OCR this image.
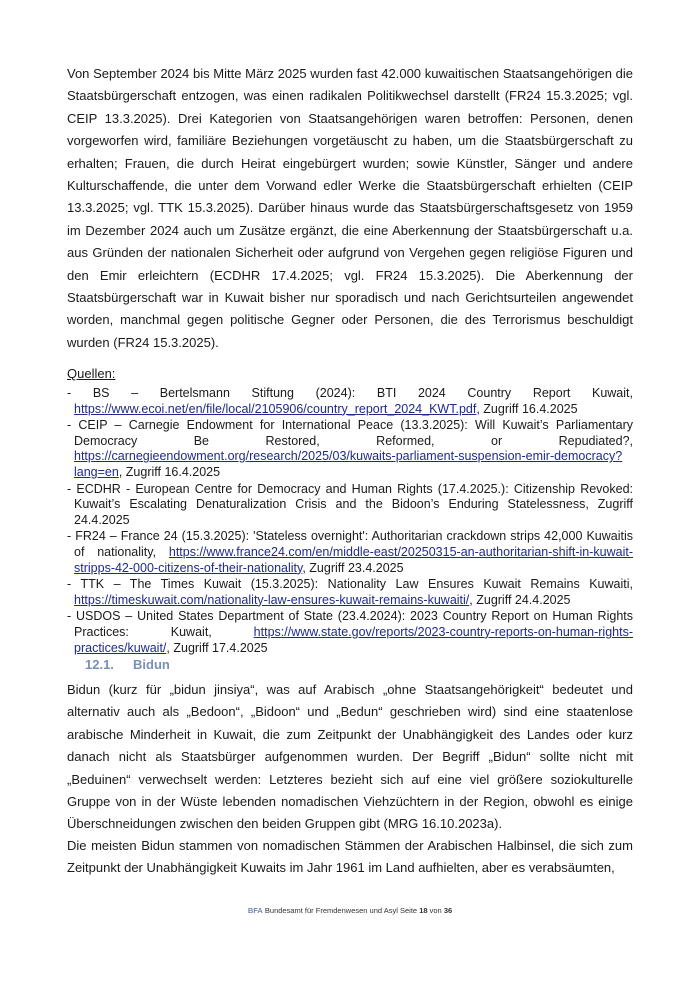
Von September 2024 bis Mitte März 2025 wurden fast 42.000 kuwaitischen Staatsangehörigen die Staatsbürgerschaft entzogen, was einen radikalen Politikwechsel darstellt (FR24 15.3.2025; vgl. CEIP 13.3.2025). Drei Kategorien von Staatsangehörigen waren betroffen: Personen, denen vorgeworfen wird, familiäre Beziehungen vorgetäuscht zu haben, um die Staatsbürgerschaft zu erhalten; Frauen, die durch Heirat eingebürgert wurden; sowie Künstler, Sänger und andere Kulturschaffende, die unter dem Vorwand edler Werke die Staatsbürgerschaft erhielten (CEIP 13.3.2025; vgl. TTK 15.3.2025). Darüber hinaus wurde das Staatsbürgerschaftsgesetz von 1959 im Dezember 2024 auch um Zusätze ergänzt, die eine Aberkennung der Staatsbürgerschaft u.a. aus Gründen der nationalen Sicherheit oder aufgrund von Vergehen gegen religiöse Figuren und den Emir erleichtern (ECDHR 17.4.2025; vgl. FR24 15.3.2025). Die Aberkennung der Staatsbürgerschaft war in Kuwait bisher nur sporadisch und nach Gerichtsurteilen angewendet worden, manchmal gegen politische Gegner oder Personen, die des Terrorismus beschuldigt wurden (FR24 15.3.2025).

Quellen:

- BS – Bertelsmann Stiftung (2024): BTI 2024 Country Report Kuwait, https://www.ecoi.net/en/file/local/2105906/country_report_2024_KWT.pdf, Zugriff 16.4.2025
- CEIP – Carnegie Endowment for International Peace (13.3.2025): Will Kuwait’s Parliamentary Democracy Be Restored, Reformed, or Repudiated?, https://carnegieendowment.org/research/2025/03/kuwaits-parliament-suspension-emir-democracy?lang=en, Zugriff 16.4.2025
- ECDHR - European Centre for Democracy and Human Rights (17.4.2025.): Citizenship Revoked: Kuwait’s Escalating Denaturalization Crisis and the Bidoon’s Enduring Statelessness, Zugriff 24.4.2025
- FR24 – France 24 (15.3.2025): 'Stateless overnight': Authoritarian crackdown strips 42,000 Kuwaitis of nationality, https://www.france24.com/en/middle-east/20250315-an-authoritarian-shift-in-kuwait-stripps-42-000-citizens-of-their-nationality, Zugriff 23.4.2025
- TTK – The Times Kuwait (15.3.2025): Nationality Law Ensures Kuwait Remains Kuwaiti, https://timeskuwait.com/nationality-law-ensures-kuwait-remains-kuwaiti/, Zugriff 24.4.2025
- USDOS – United States Department of State (23.4.2024): 2023 Country Report on Human Rights Practices: Kuwait, https://www.state.gov/reports/2023-country-reports-on-human-rights-practices/kuwait/, Zugriff 17.4.2025
12.1. Bidun

Bidun (kurz für „bidun jinsiya“, was auf Arabisch „ohne Staatsangehörigkeit“ bedeutet und alternativ auch als „Bedoon“, „Bidoon“ und „Bedun“ geschrieben wird) sind eine staatenlose arabische Minderheit in Kuwait, die zum Zeitpunkt der Unabhängigkeit des Landes oder kurz danach nicht als Staatsbürger aufgenommen wurden. Der Begriff „Bidun“ sollte nicht mit „Beduinen“ verwechselt werden: Letzteres bezieht sich auf eine viel größere soziokulturelle Gruppe von in der Wüste lebenden nomadischen Viehzüchtern in der Region, obwohl es einige Überschneidungen zwischen den beiden Gruppen gibt (MRG 16.10.2023a).

Die meisten Bidun stammen von nomadischen Stämmen der Arabischen Halbinsel, die sich zum Zeitpunkt der Unabhängigkeit Kuwaits im Jahr 1961 im Land aufhielten, aber es verabsäumten,

BFA Bundesamt für Fremdenwesen und Asyl Seite 18 von 36
